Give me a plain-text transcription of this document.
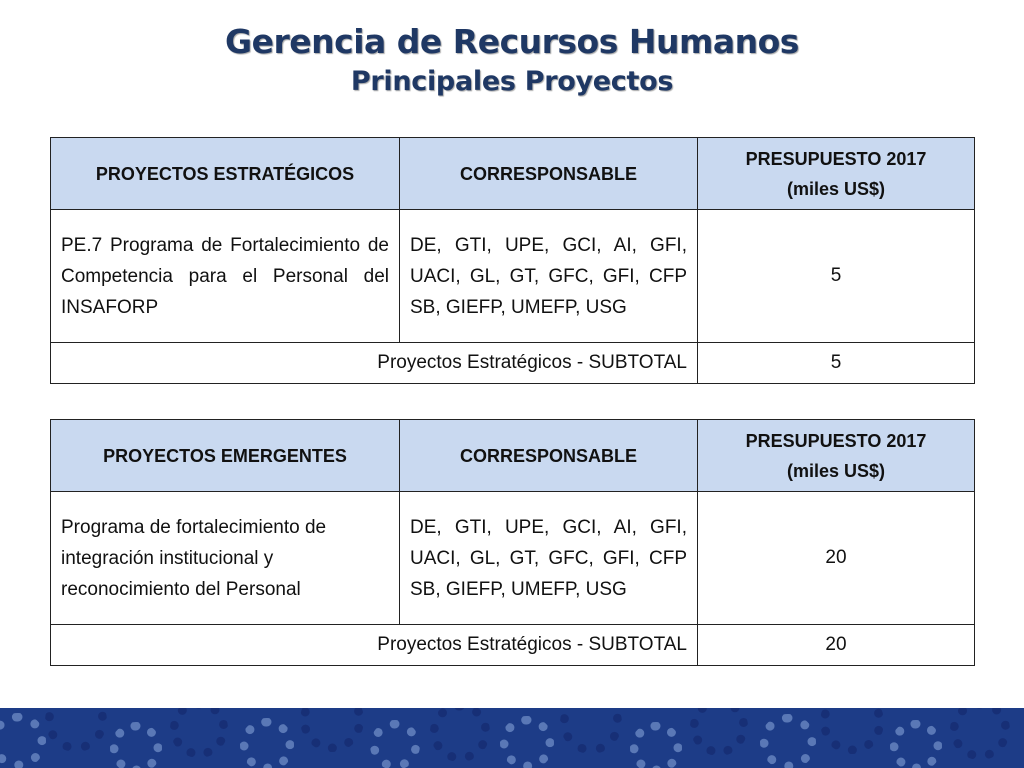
Gerencia de Recursos Humanos
Principales Proyectos
PROYECTOS ESTRATÉGICOS	CORRESPONSABLE	PRESUPUESTO 2017 (miles US$)
PE.7 Programa de Fortalecimiento de Competencia para el Personal del INSAFORP	DE, GTI, UPE, GCI, AI, GFI, UACI, GL, GT, GFC, GFI, CFP SB, GIEFP, UMEFP, USG	5
Proyectos Estratégicos - SUBTOTAL		5
PROYECTOS EMERGENTES	CORRESPONSABLE	PRESUPUESTO 2017 (miles US$)
Programa de fortalecimiento de integración institucional y reconocimiento del Personal	DE, GTI, UPE, GCI, AI, GFI, UACI, GL, GT, GFC, GFI, CFP SB, GIEFP, UMEFP, USG	20
Proyectos Estratégicos - SUBTOTAL		20
